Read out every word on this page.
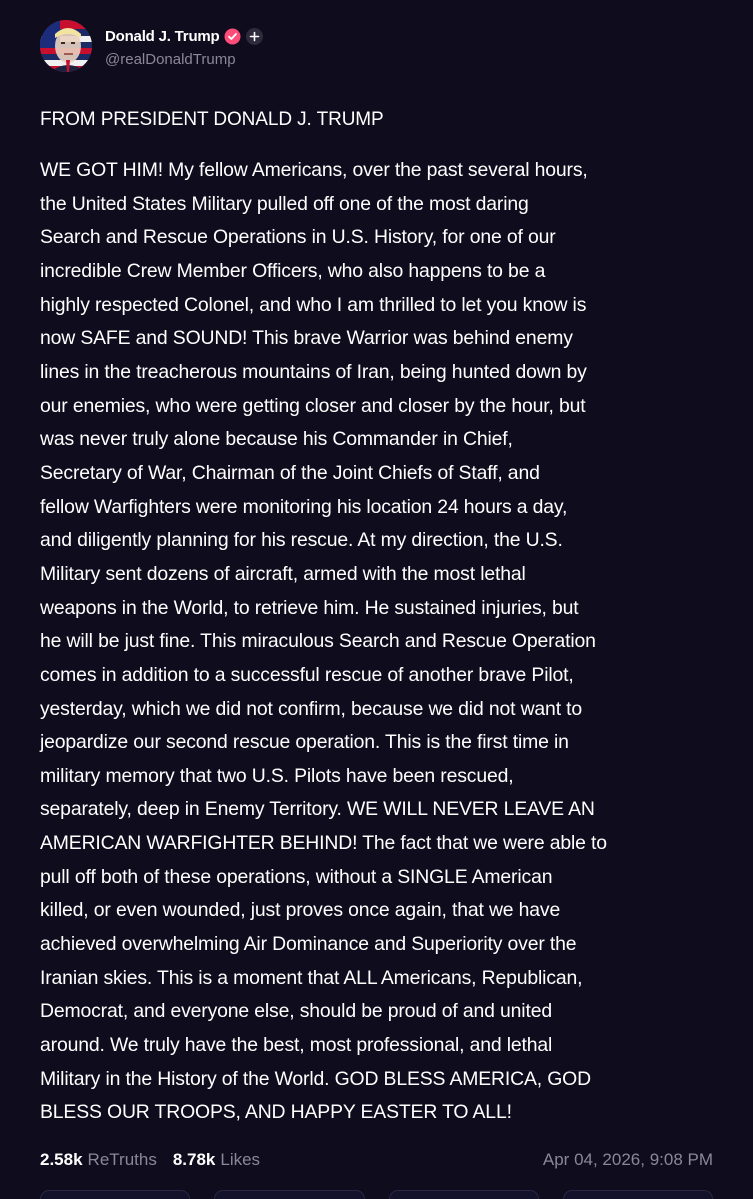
Donald J. Trump
@realDonaldTrump
FROM PRESIDENT DONALD J. TRUMP
WE GOT HIM! My fellow Americans, over the past several hours,
the United States Military pulled off one of the most daring
Search and Rescue Operations in U.S. History, for one of our
incredible Crew Member Officers, who also happens to be a
highly respected Colonel, and who I am thrilled to let you know is
now SAFE and SOUND! This brave Warrior was behind enemy
lines in the treacherous mountains of Iran, being hunted down by
our enemies, who were getting closer and closer by the hour, but
was never truly alone because his Commander in Chief,
Secretary of War, Chairman of the Joint Chiefs of Staff, and
fellow Warfighters were monitoring his location 24 hours a day,
and diligently planning for his rescue. At my direction, the U.S.
Military sent dozens of aircraft, armed with the most lethal
weapons in the World, to retrieve him. He sustained injuries, but
he will be just fine. This miraculous Search and Rescue Operation
comes in addition to a successful rescue of another brave Pilot,
yesterday, which we did not confirm, because we did not want to
jeopardize our second rescue operation. This is the first time in
military memory that two U.S. Pilots have been rescued,
separately, deep in Enemy Territory. WE WILL NEVER LEAVE AN
AMERICAN WARFIGHTER BEHIND! The fact that we were able to
pull off both of these operations, without a SINGLE American
killed, or even wounded, just proves once again, that we have
achieved overwhelming Air Dominance and Superiority over the
Iranian skies. This is a moment that ALL Americans, Republican,
Democrat, and everyone else, should be proud of and united
around. We truly have the best, most professional, and lethal
Military in the History of the World. GOD BLESS AMERICA, GOD
BLESS OUR TROOPS, AND HAPPY EASTER TO ALL!
2.58k ReTruths 8.78k Likes	Apr 04, 2026, 9:08 PM
